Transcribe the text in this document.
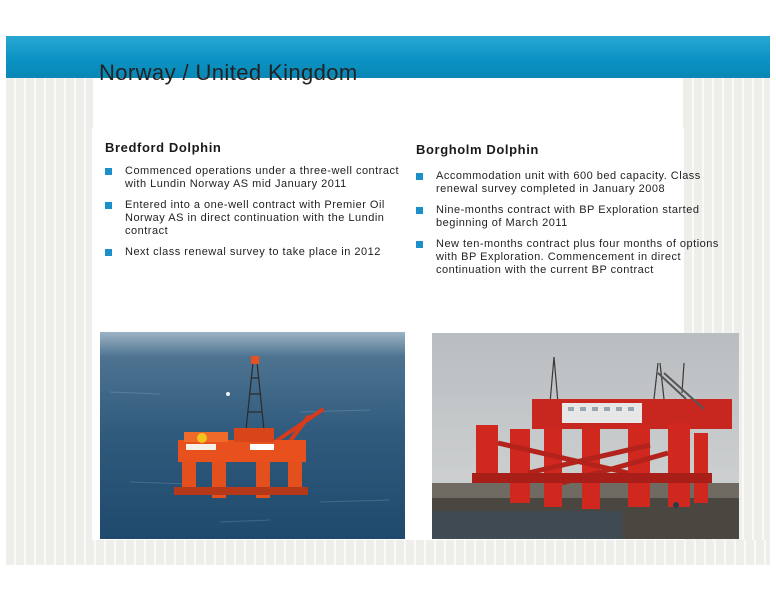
Norway / United Kingdom
Bredford Dolphin
Commenced operations under a three-well contract with Lundin Norway AS mid January 2011
Entered into a one-well contract with Premier Oil Norway AS in direct continuation with the Lundin contract
Next class renewal survey to take place in 2012
Borgholm Dolphin
Accommodation unit with 600 bed capacity. Class renewal survey completed in January 2008
Nine-months contract with BP Exploration started beginning of March 2011
New ten-months contract plus four months of options with BP Exploration. Commencement in direct continuation with the current BP contract
